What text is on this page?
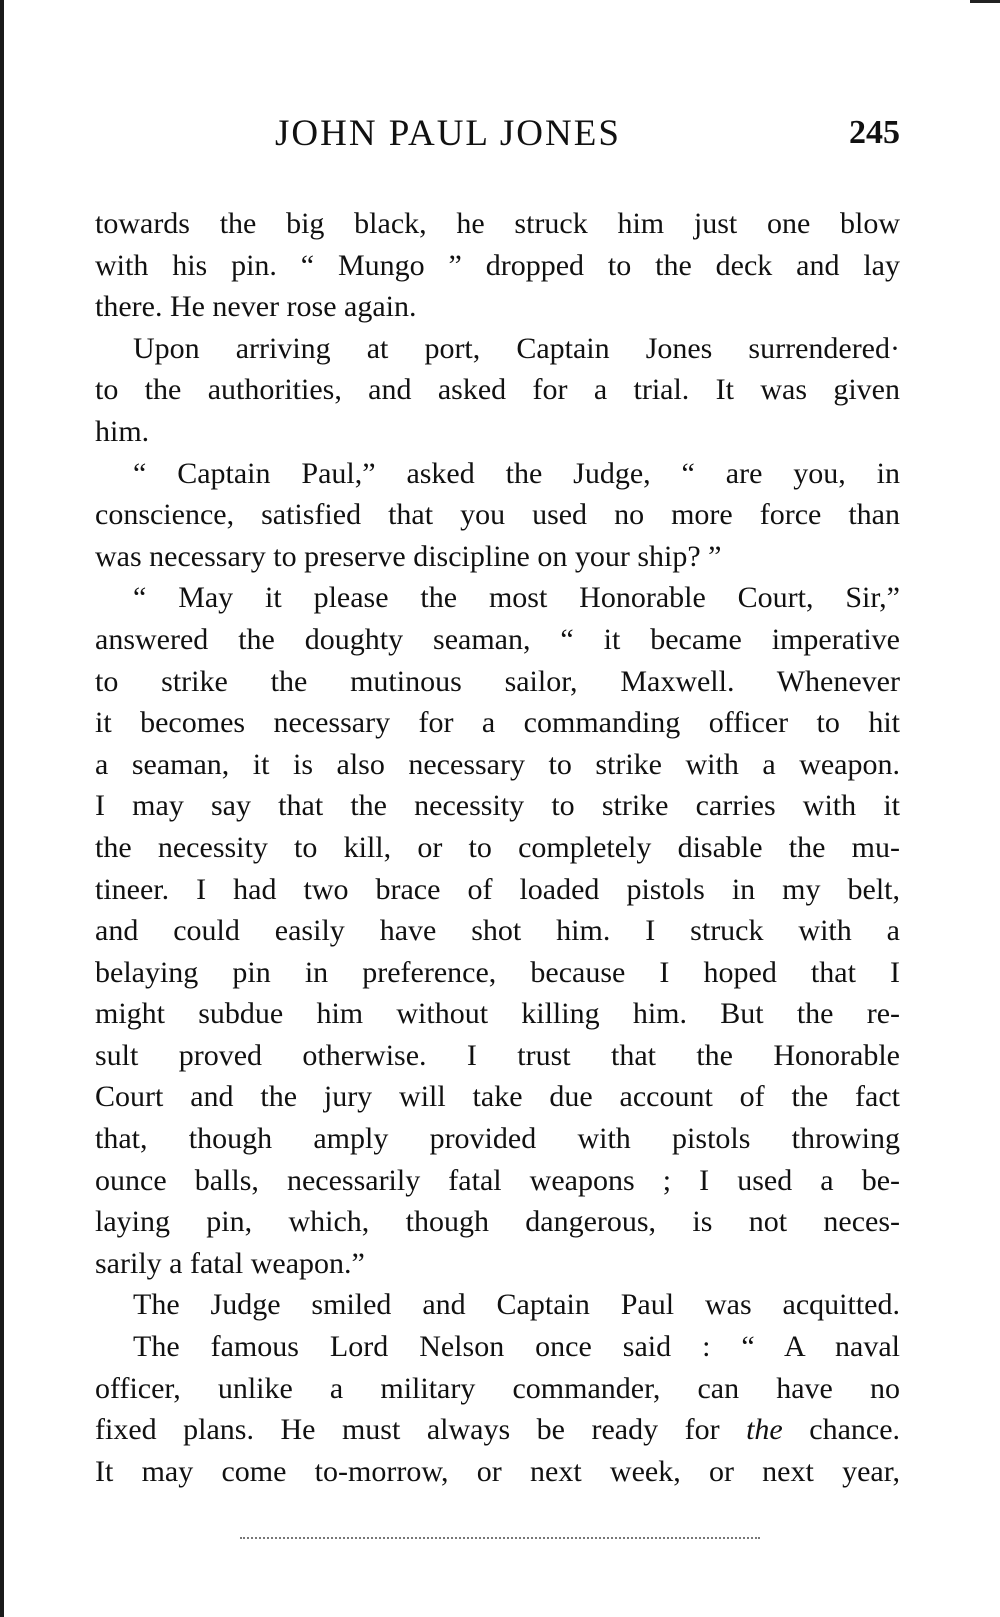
JOHN PAUL JONES	245
towards the big black, he struck him just one blow
with his pin. “ Mungo ” dropped to the deck and lay
there. He never rose again.
Upon arriving at port, Captain Jones surrendered·
to the authorities, and asked for a trial. It was given
him.
“ Captain Paul,” asked the Judge, “ are you, in
conscience, satisfied that you used no more force than
was necessary to preserve discipline on your ship? ”
“ May it please the most Honorable Court, Sir,”
answered the doughty seaman, “ it became imperative
to strike the mutinous sailor, Maxwell. Whenever
it becomes necessary for a commanding officer to hit
a seaman, it is also necessary to strike with a weapon.
I may say that the necessity to strike carries with it
the necessity to kill, or to completely disable the mu-
tineer. I had two brace of loaded pistols in my belt,
and could easily have shot him. I struck with a
belaying pin in preference, because I hoped that I
might subdue him without killing him. But the re-
sult proved otherwise. I trust that the Honorable
Court and the jury will take due account of the fact
that, though amply provided with pistols throwing
ounce balls, necessarily fatal weapons ; I used a be-
laying pin, which, though dangerous, is not neces-
sarily a fatal weapon.”
The Judge smiled and Captain Paul was acquitted.
The famous Lord Nelson once said : “ A naval
officer, unlike a military commander, can have no
fixed plans. He must always be ready for the chance.
It may come to-morrow, or next week, or next year,
